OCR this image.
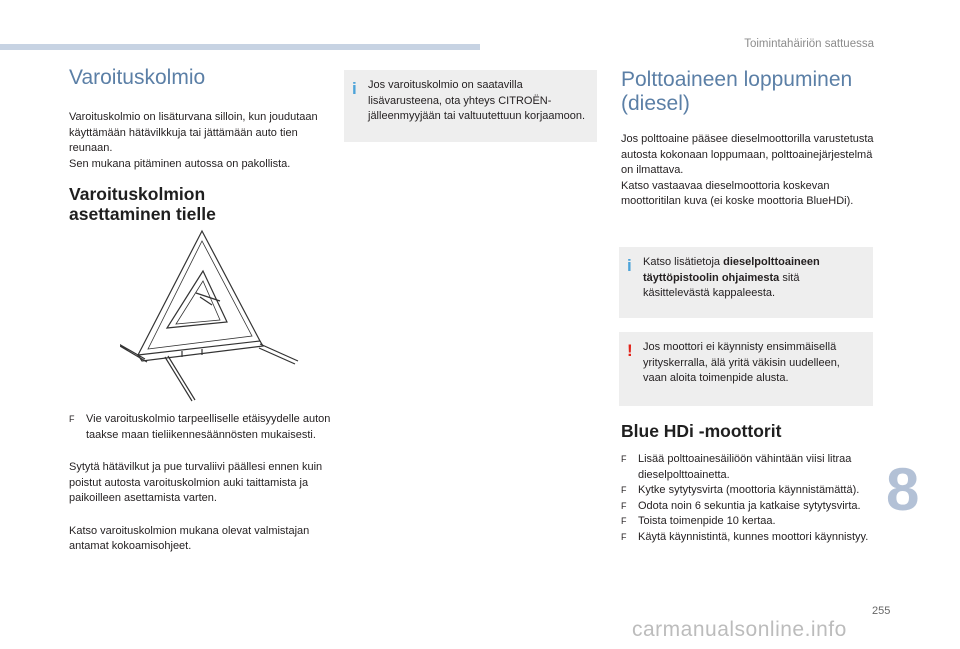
Toimintahäiriön sattuessa
Varoituskolmio

Varoituskolmio on lisäturvana silloin, kun joudutaan käyttämään hätävilkkuja tai jättämään auto tien reunaan.

Sen mukana pitäminen autossa on pakollista.

Varoituskolmion asettaminen tielle
F	Vie varoituskolmio tarpeelliselle etäisyydelle auton taakse maan tieliikennesäännösten mukaisesti.

Sytytä hätävilkut ja pue turvaliivi päällesi ennen kuin poistut autosta varoituskolmion auki taittamista ja paikoilleen asettamista varten.

Katso varoituskolmion mukana olevat valmistajan antamat kokoamisohjeet.

i Jos varoituskolmio on saatavilla lisävarusteena, ota yhteys CITROËN-jälleenmyyjään tai valtuutettuun korjaamoon.
Polttoaineen loppuminen (diesel)

Jos polttoaine pääsee dieselmoottorilla varustetusta autosta kokonaan loppumaan, polttoainejärjestelmä on ilmattava.

Katso vastaavaa dieselmoottoria koskevan moottoritilan kuva (ei koske moottoria BlueHDi).

i Katso lisätietoja dieselpolttoaineen täyttöpistoolin ohjaimesta sitä käsittelevästä kappaleesta.
! Jos moottori ei käynnisty ensimmäisellä yrityskerralla, älä yritä väkisin uudelleen, vaan aloita toimenpide alusta.
Blue HDi -moottorit
F	Lisää polttoainesäiliöön vähintään viisi litraa dieselpolttoainetta.
F	Kytke sytytysvirta (moottoria käynnistämättä).
F	Odota noin 6 sekuntia ja katkaise sytytysvirta.
F	Toista toimenpide 10 kertaa.
F	Käytä käynnistintä, kunnes moottori käynnistyy.
8
255
carmanualsonline.info
